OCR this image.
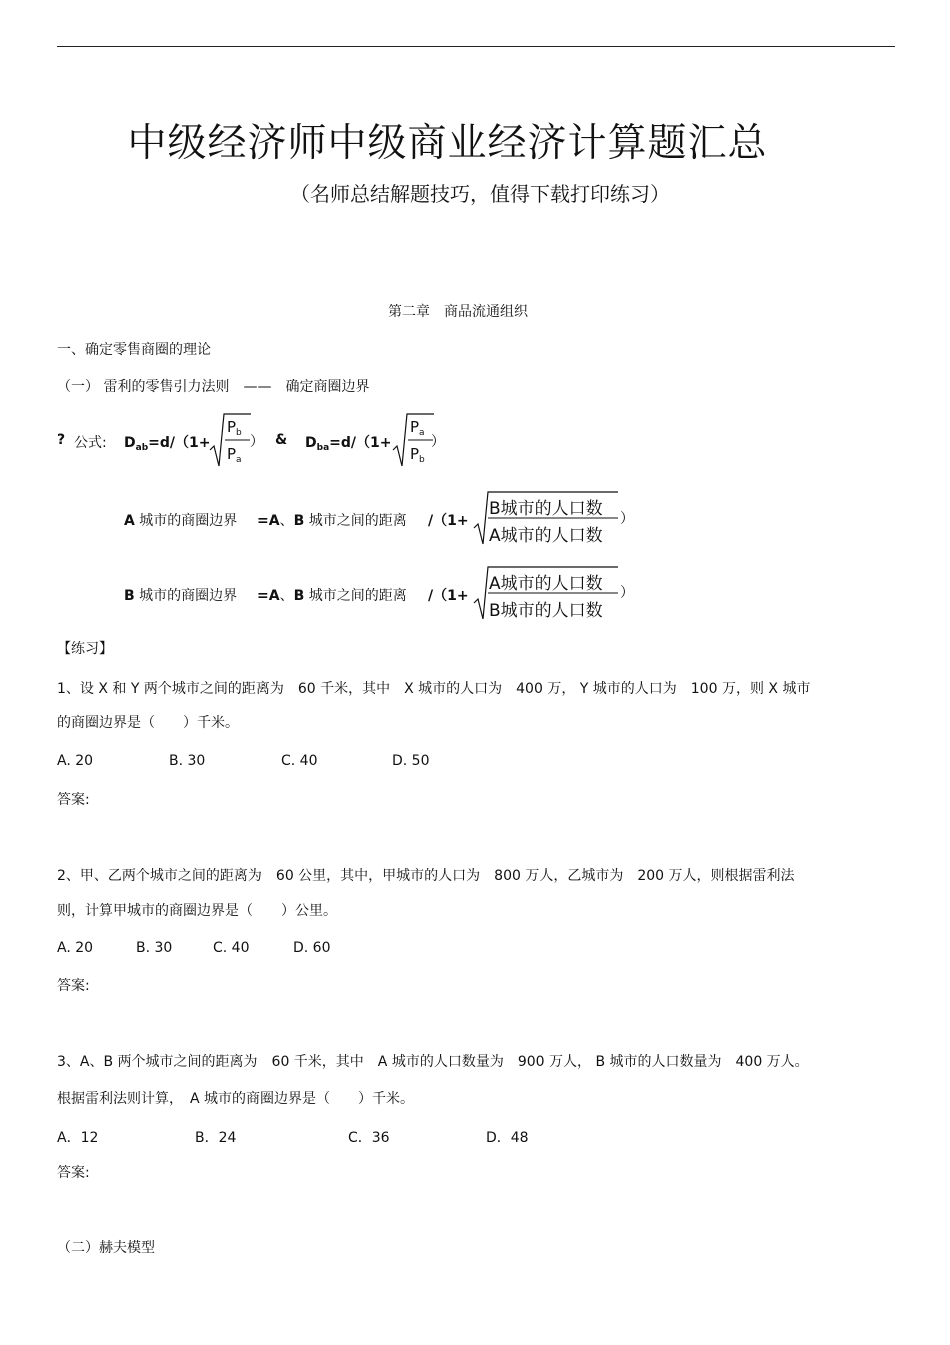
中级经济师中级商业经济计算题汇总
（名师总结解题技巧，值得下载打印练习）
第二章　商品流通组织
一、确定零售商圈的理论
（一） 雷利的零售引力法则　——　确定商圈边界
? 公式: $D_{ab}=d/(1+$
$P_b$
$P_a$
） & $D_{ba}=d/(1+$
$P_a$
$P_b$
）
A 城市的商圈边界 =A、B 城市之间的距离 /（1+
B城市的人口数
A城市的人口数
）
B 城市的商圈边界 =A、B 城市之间的距离 /（1+
A城市的人口数
B城市的人口数
）
【练习】
1、设 X 和 Y 两个城市之间的距离为　60 千米，其中　X 城市的人口为　400 万， Y 城市的人口为　100 万，则 X 城市
的商圈边界是（　　）千米。
A. 20	B. 30	C. 40	D. 50
答案:
2、甲、乙两个城市之间的距离为　60 公里，其中，甲城市的人口为　800 万人，乙城市为　200 万人，则根据雷利法
则，计算甲城市的商圈边界是（　　）公里。
A. 20	B. 30	C. 40	D. 60
答案:
3、A、B 两个城市之间的距离为　60 千米，其中　A 城市的人口数量为　900 万人， B 城市的人口数量为　400 万人。
根据雷利法则计算，　A 城市的商圈边界是（　　）千米。
A．12	B．24	C．36	D．48
答案:
（二）赫夫模型
